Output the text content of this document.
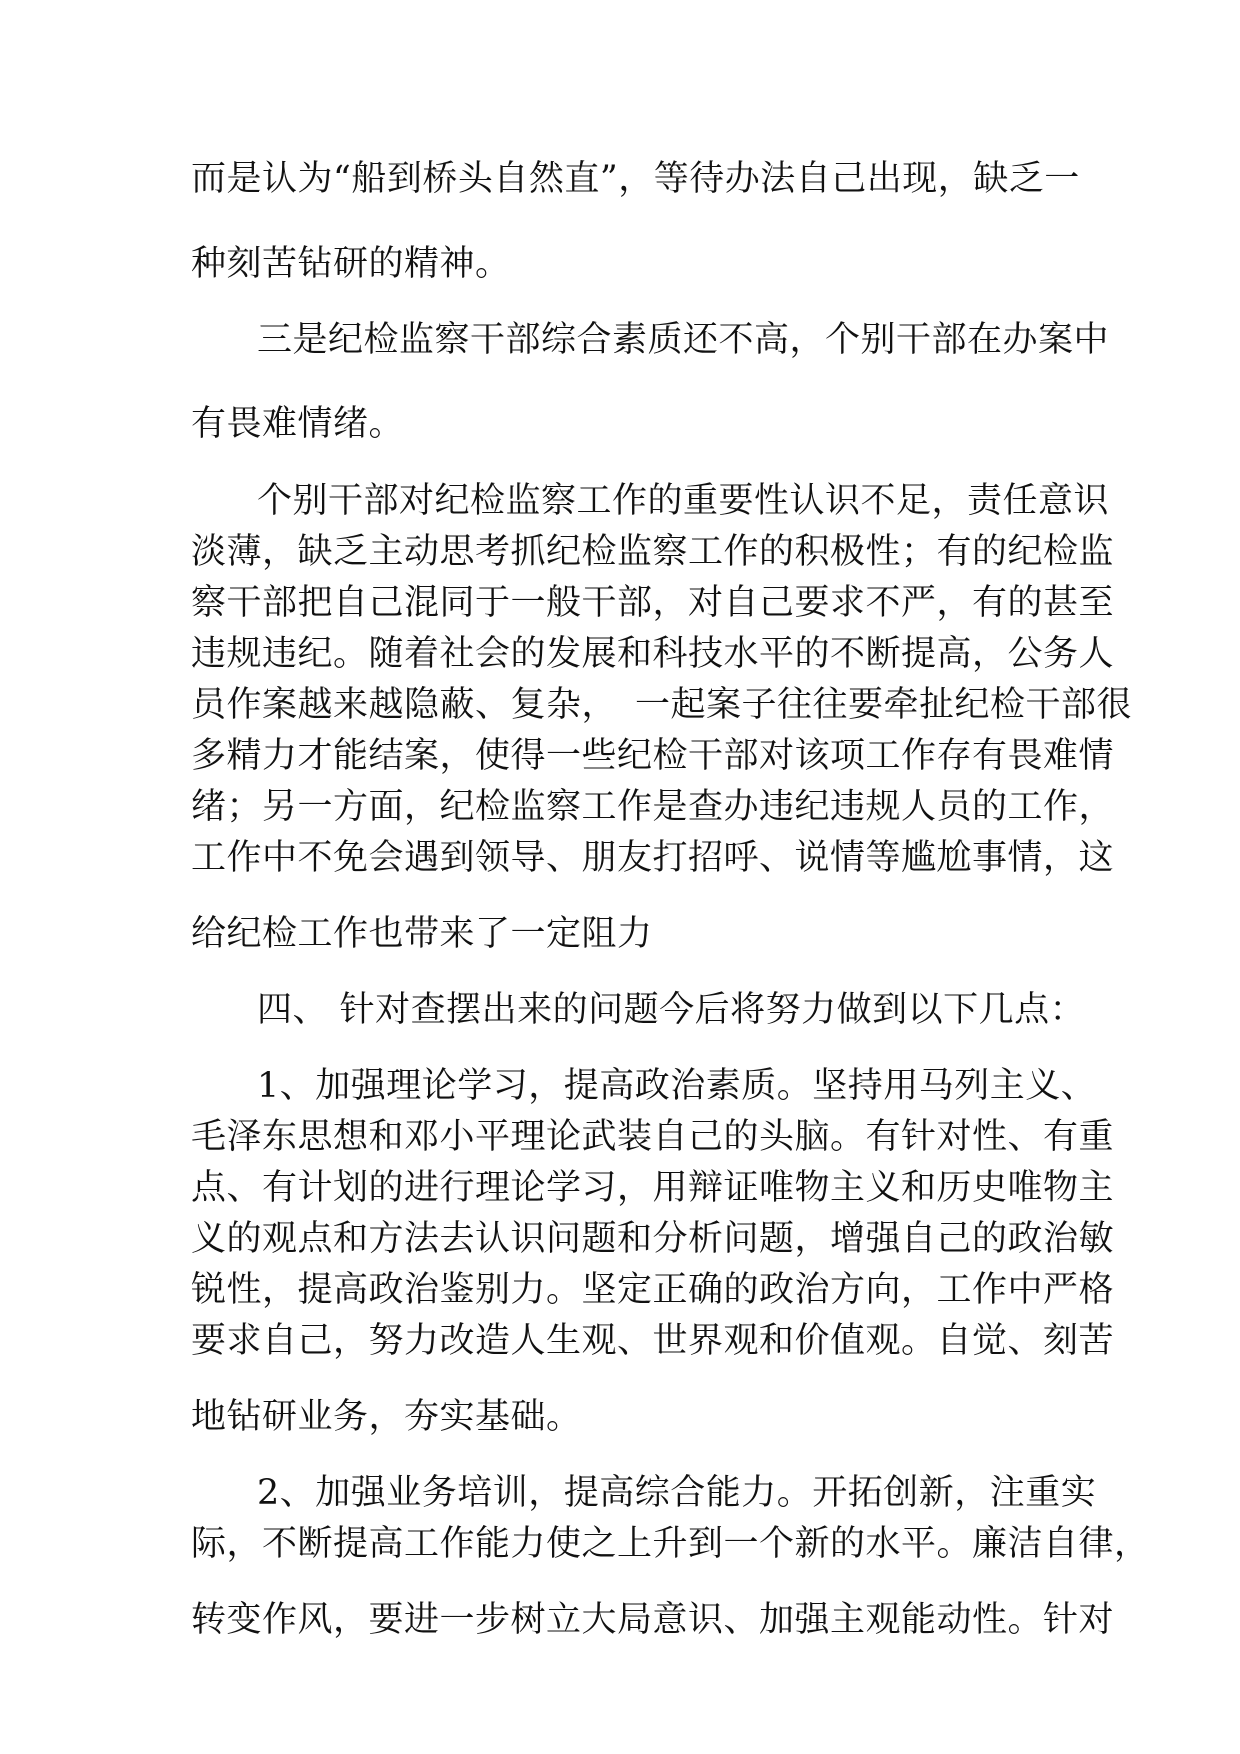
而是认为“船到桥头自然直”，等待办法自己出现，缺乏一
种刻苦钻研的精神。
三是纪检监察干部综合素质还不高，个别干部在办案中
有畏难情绪。
个别干部对纪检监察工作的重要性认识不足，责任意识
淡薄，缺乏主动思考抓纪检监察工作的积极性；有的纪检监
察干部把自己混同于一般干部，对自己要求不严，有的甚至
违规违纪。随着社会的发展和科技水平的不断提高，公务人
员作案越来越隐蔽、复杂，　一起案子往往要牵扯纪检干部很
多精力才能结案，使得一些纪检干部对该项工作存有畏难情
绪；另一方面，纪检监察工作是查办违纪违规人员的工作，
工作中不免会遇到领导、朋友打招呼、说情等尴尬事情，这
给纪检工作也带来了一定阻力
四、 针对查摆出来的问题今后将努力做到以下几点：
1、加强理论学习，提高政治素质。坚持用马列主义、
毛泽东思想和邓小平理论武装自己的头脑。有针对性、有重
点、有计划的进行理论学习，用辩证唯物主义和历史唯物主
义的观点和方法去认识问题和分析问题，增强自己的政治敏
锐性，提高政治鉴别力。坚定正确的政治方向，工作中严格
要求自己，努力改造人生观、世界观和价值观。自觉、刻苦
地钻研业务，夯实基础。
2、加强业务培训，提高综合能力。开拓创新，注重实
际，不断提高工作能力使之上升到一个新的水平。廉洁自律，
转变作风，要进一步树立大局意识、加强主观能动性。针对
